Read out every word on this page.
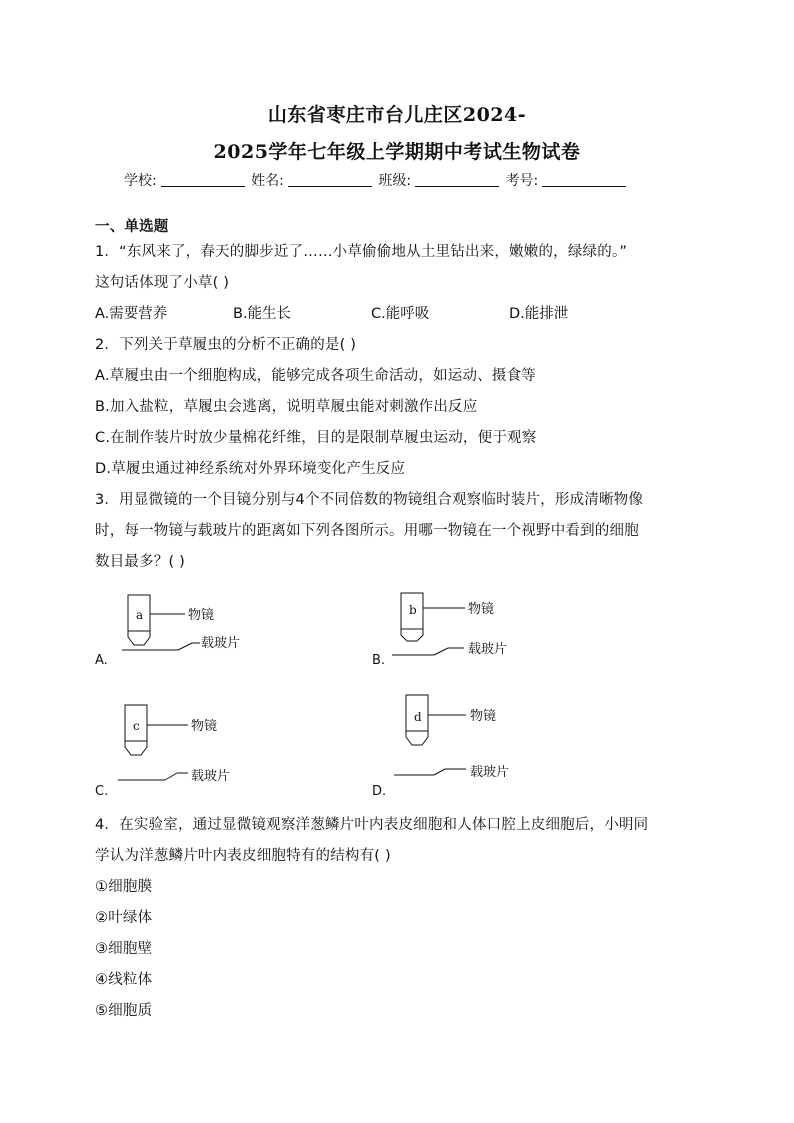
山东省枣庄市台儿庄区2024-
2025学年七年级上学期期中考试生物试卷
学校:	姓名:	班级:	考号:
一、单选题
1．“东风来了，春天的脚步近了……小草偷偷地从土里钻出来，嫩嫩的，绿绿的。”
这句话体现了小草( )
A.需要营养	B.能生长	C.能呼吸	D.能排泄
2．下列关于草履虫的分析不正确的是( )
A.草履虫由一个细胞构成，能够完成各项生命活动，如运动、摄食等
B.加入盐粒，草履虫会逃离，说明草履虫能对刺激作出反应
C.在制作装片时放少量棉花纤维，目的是限制草履虫运动，便于观察
D.草履虫通过神经系统对外界环境变化产生反应
3．用显微镜的一个目镜分别与4个不同倍数的物镜组合观察临时装片，形成清晰物像
时，每一物镜与载玻片的距离如下列各图所示。用哪一物镜在一个视野中看到的细胞
数目最多？( )
A.
a	物镜
载玻片
B.
b	物镜
载玻片
C.
c	物镜
载玻片
D.
d	物镜
载玻片
4．在实验室，通过显微镜观察洋葱鳞片叶内表皮细胞和人体口腔上皮细胞后，小明同
学认为洋葱鳞片叶内表皮细胞特有的结构有( )
①细胞膜
②叶绿体
③细胞壁
④线粒体
⑤细胞质
